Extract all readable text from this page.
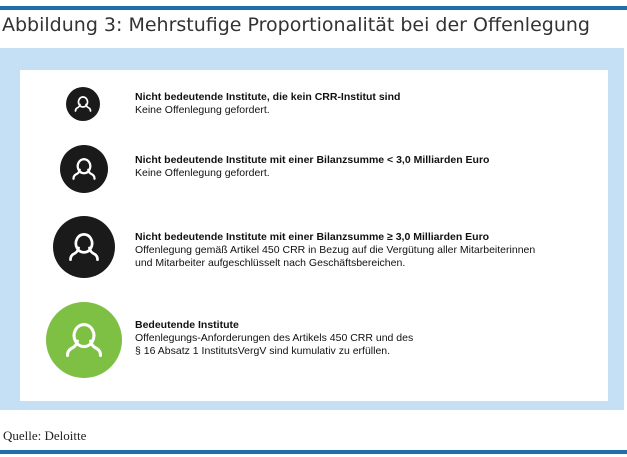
Abbildung 3: Mehrstufige Proportionalität bei der Offenlegung
Nicht bedeutende Institute, die kein CRR-Institut sind
Keine Offenlegung gefordert.
Nicht bedeutende Institute mit einer Bilanzsumme < 3,0 Milliarden Euro
Keine Offenlegung gefordert.
Nicht bedeutende Institute mit einer Bilanzsumme ≥ 3,0 Milliarden Euro
Offenlegung gemäß Artikel 450 CRR in Bezug auf die Vergütung aller Mitarbeiterinnen
und Mitarbeiter aufgeschlüsselt nach Geschäftsbereichen.
Bedeutende Institute
Offenlegungs-Anforderungen des Artikels 450 CRR und des
§ 16 Absatz 1 InstitutsVergV sind kumulativ zu erfüllen.
Quelle: Deloitte
